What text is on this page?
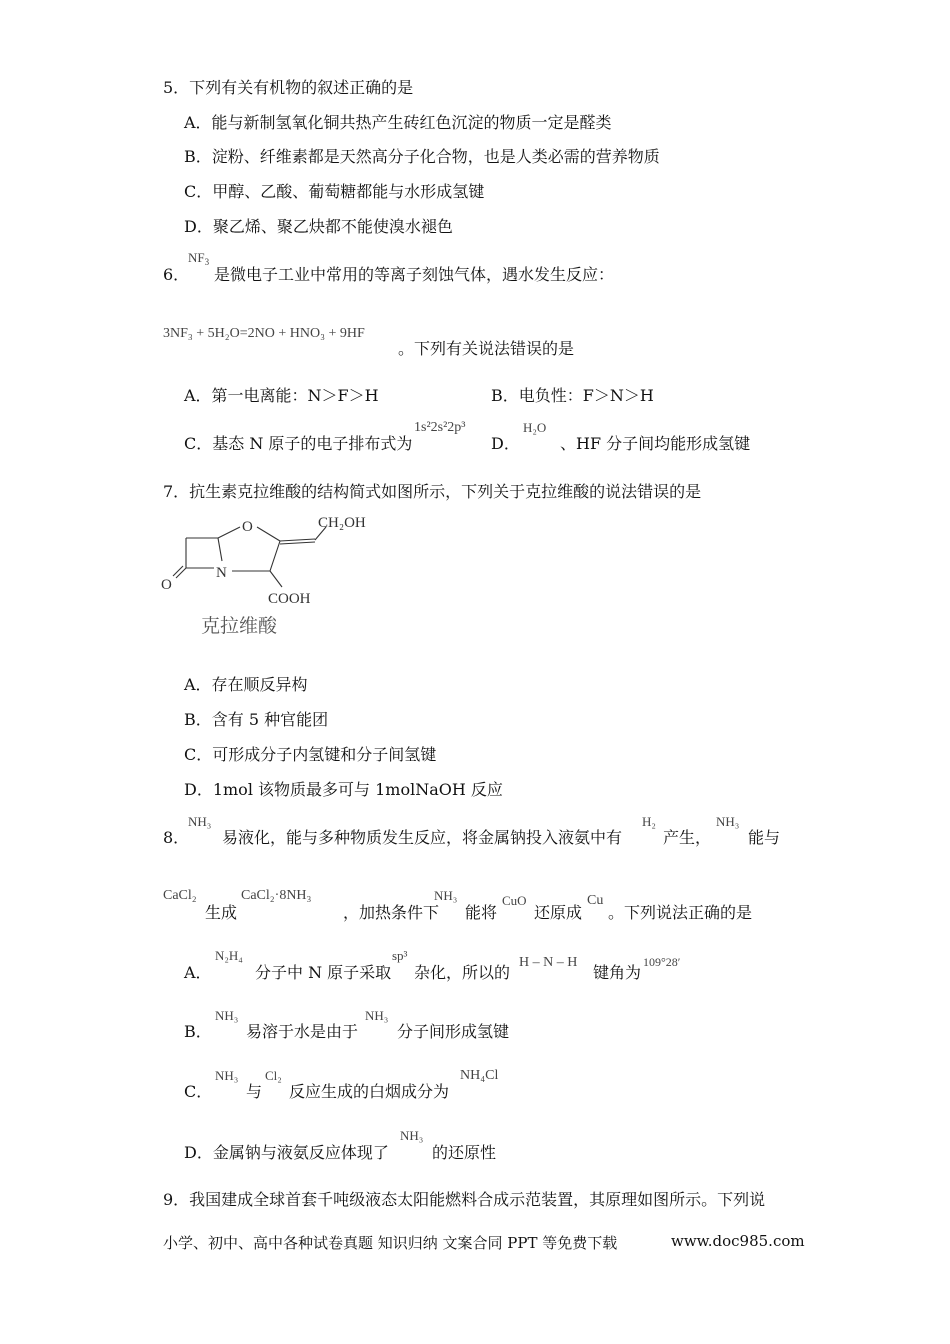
5．下列有关有机物的叙述正确的是
A．能与新制氢氧化铜共热产生砖红色沉淀的物质一定是醛类
B．淀粉、纤维素都是天然高分子化合物，也是人类必需的营养物质
C．甲醇、乙酸、葡萄糖都能与水形成氢键
D．聚乙烯、聚乙炔都不能使溴水褪色
6．
$NF_3$
是微电子工业中常用的等离子刻蚀气体，遇水发生反应：
3NF₃ + 5H₂O=2NO + HNO₃ + 9HF
。下列有关说法错误的是
A．第一电离能：N＞F＞H	B．电负性：F＞N＞H
C．基态 N 原子的电子排布式为
1s²2s²2p³
D．
H₂O
、HF 分子间均能形成氢键
7．抗生素克拉维酸的结构简式如图所示，下列关于克拉维酸的说法错误的是
O
N
O
CH₂OH
COOH
克拉维酸
A．存在顺反异构
B．含有 5 种官能团
C．可形成分子内氢键和分子间氢键
D．1mol 该物质最多可与 1molNaOH 反应
8．
NH₃
易液化，能与多种物质发生反应，将金属钠投入液氨中有
H₂
产生，
NH₃
能与
CaCl₂
生成
CaCl₂·8NH₃
，加热条件下
NH₃
能将
CuO
还原成
Cu
。下列说法正确的是
A．
N₂H₄
分子中 N 原子采取
sp³
杂化，所以的
H – N – H
键角为
109°28′
B．
NH₃
易溶于水是由于
NH₃
分子间形成氢键
C．
NH₃
与
Cl₂
反应生成的白烟成分为
NH₄Cl
D．金属钠与液氨反应体现了
NH₃
的还原性
9．我国建成全球首套千吨级液态太阳能燃料合成示范装置，其原理如图所示。下列说
小学、初中、高中各种试卷真题 知识归纳 文案合同 PPT 等免费下载	www.doc985.com
